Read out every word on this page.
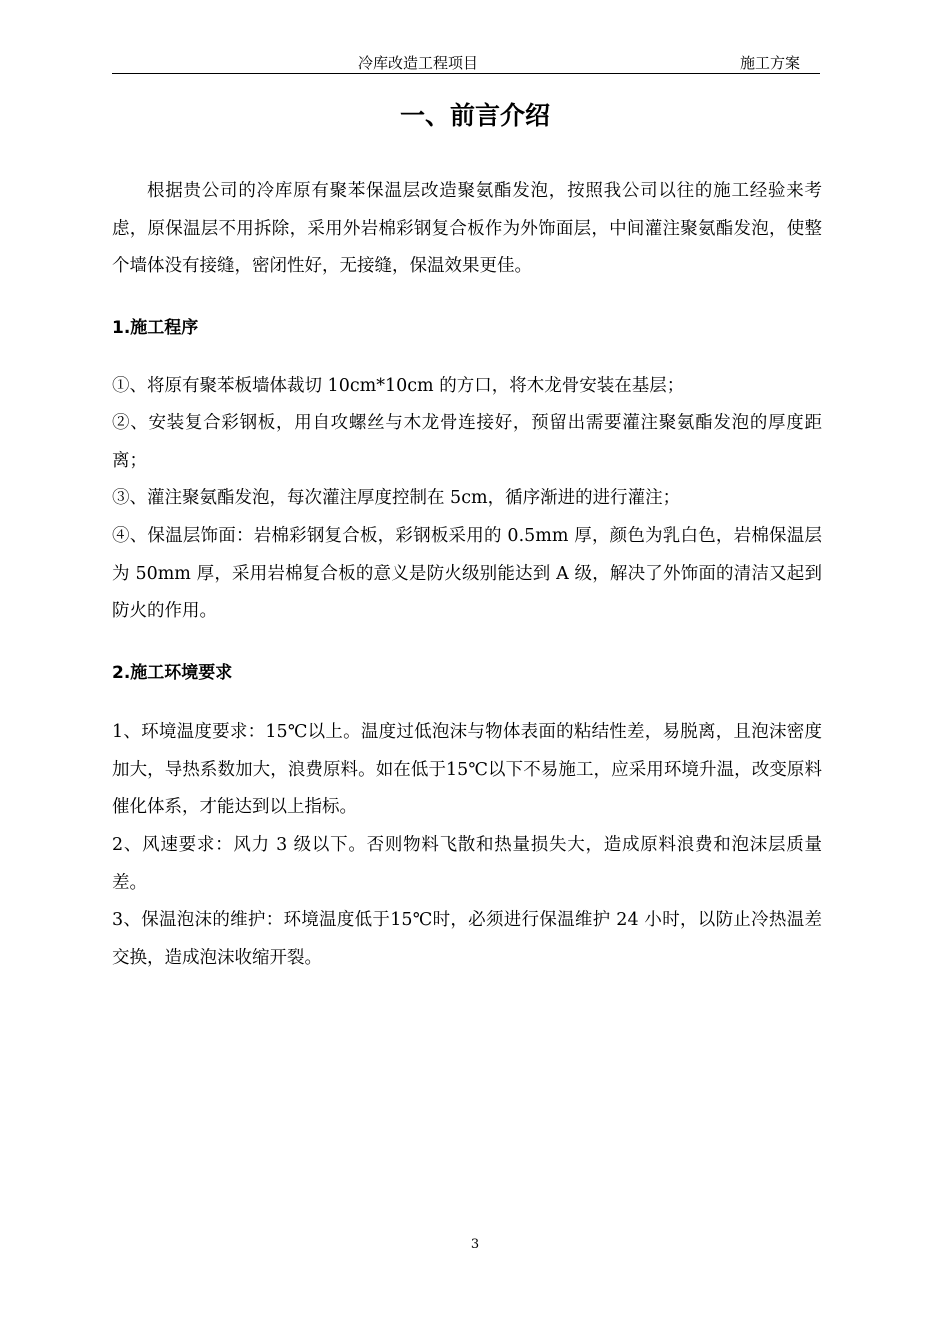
冷库改造工程项目	施工方案
一、前言介绍
根据贵公司的冷库原有聚苯保温层改造聚氨酯发泡，按照我公司以往的施工经验来考虑，原保温层不用拆除，采用外岩棉彩钢复合板作为外饰面层，中间灌注聚氨酯发泡，使整个墙体没有接缝，密闭性好，无接缝，保温效果更佳。
1.施工程序
①、将原有聚苯板墙体裁切 10cm*10cm 的方口，将木龙骨安装在基层；
②、安装复合彩钢板，用自攻螺丝与木龙骨连接好，预留出需要灌注聚氨酯发泡的厚度距离；
③、灌注聚氨酯发泡，每次灌注厚度控制在 5cm，循序渐进的进行灌注；
④、保温层饰面：岩棉彩钢复合板，彩钢板采用的 0.5mm 厚，颜色为乳白色，岩棉保温层为 50mm 厚，采用岩棉复合板的意义是防火级别能达到 A 级，解决了外饰面的清洁又起到防火的作用。
2.施工环境要求
1、环境温度要求：15℃以上。温度过低泡沫与物体表面的粘结性差，易脱离，且泡沫密度加大，导热系数加大，浪费原料。如在低于15℃以下不易施工，应采用环境升温，改变原料催化体系，才能达到以上指标。
2、风速要求：风力 3 级以下。否则物料飞散和热量损失大，造成原料浪费和泡沫层质量差。
3、保温泡沫的维护：环境温度低于15℃时，必须进行保温维护 24 小时，以防止冷热温差交换，造成泡沫收缩开裂。
3
